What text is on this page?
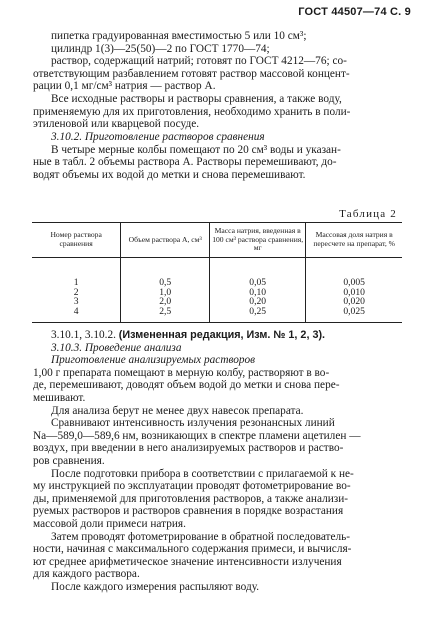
ГОСТ 44507—74 С. 9
пипетка градуированная вместимостью 5 или 10 см³;
цилиндр 1(3)—25(50)—2 по ГОСТ 1770—74;
раствор, содержащий натрий; готовят по ГОСТ 4212—76; со-
ответствующим разбавлением готовят раствор массовой концент-
рации 0,1 мг/см³ натрия — раствор А.
Все исходные растворы и растворы сравнения, а также воду,
применяемую для их приготовления, необходимо хранить в поли-
этиленовой или кварцевой посуде.
3.10.2. Приготовление растворов сравнения
В четыре мерные колбы помещают по 20 см³ воды и указан-
ные в табл. 2 объемы раствора А. Растворы перемешивают, до-
водят объемы их водой до метки и снова перемешивают.
Таблица 2
Номер раствора сравнения	Объем раствора А, см³	Масса натрия, введенная в 100 см³ раствора сравнения, мг	Массовая доля натрия в пересчете на препарат, %
1	0,5	0,05	0,005
2	1,0	0,10	0,010
3	2,0	0,20	0,020
4	2,5	0,25	0,025
3.10.1, 3.10.2. (Измененная редакция, Изм. № 1, 2, 3).
3.10.3. Проведение анализа
Приготовление анализируемых растворов
1,00 г препарата помещают в мерную колбу, растворяют в во-
де, перемешивают, доводят объем водой до метки и снова пере-
мешивают.
Для анализа берут не менее двух навесок препарата.
Сравнивают интенсивность излучения резонансных линий
Na—589,0—589,6 нм, возникающих в спектре пламени ацетилен —
воздух, при введении в него анализируемых растворов и раство-
ров сравнения.
После подготовки прибора в соответствии с прилагаемой к не-
му инструкцией по эксплуатации проводят фотометрирование во-
ды, применяемой для приготовления растворов, а также анализи-
руемых растворов и растворов сравнения в порядке возрастания
массовой доли примеси натрия.
Затем проводят фотометрирование в обратной последователь-
ности, начиная с максимального содержания примеси, и вычисля-
ют среднее арифметическое значение интенсивности излучения
для каждого раствора.
После каждого измерения распыляют воду.
